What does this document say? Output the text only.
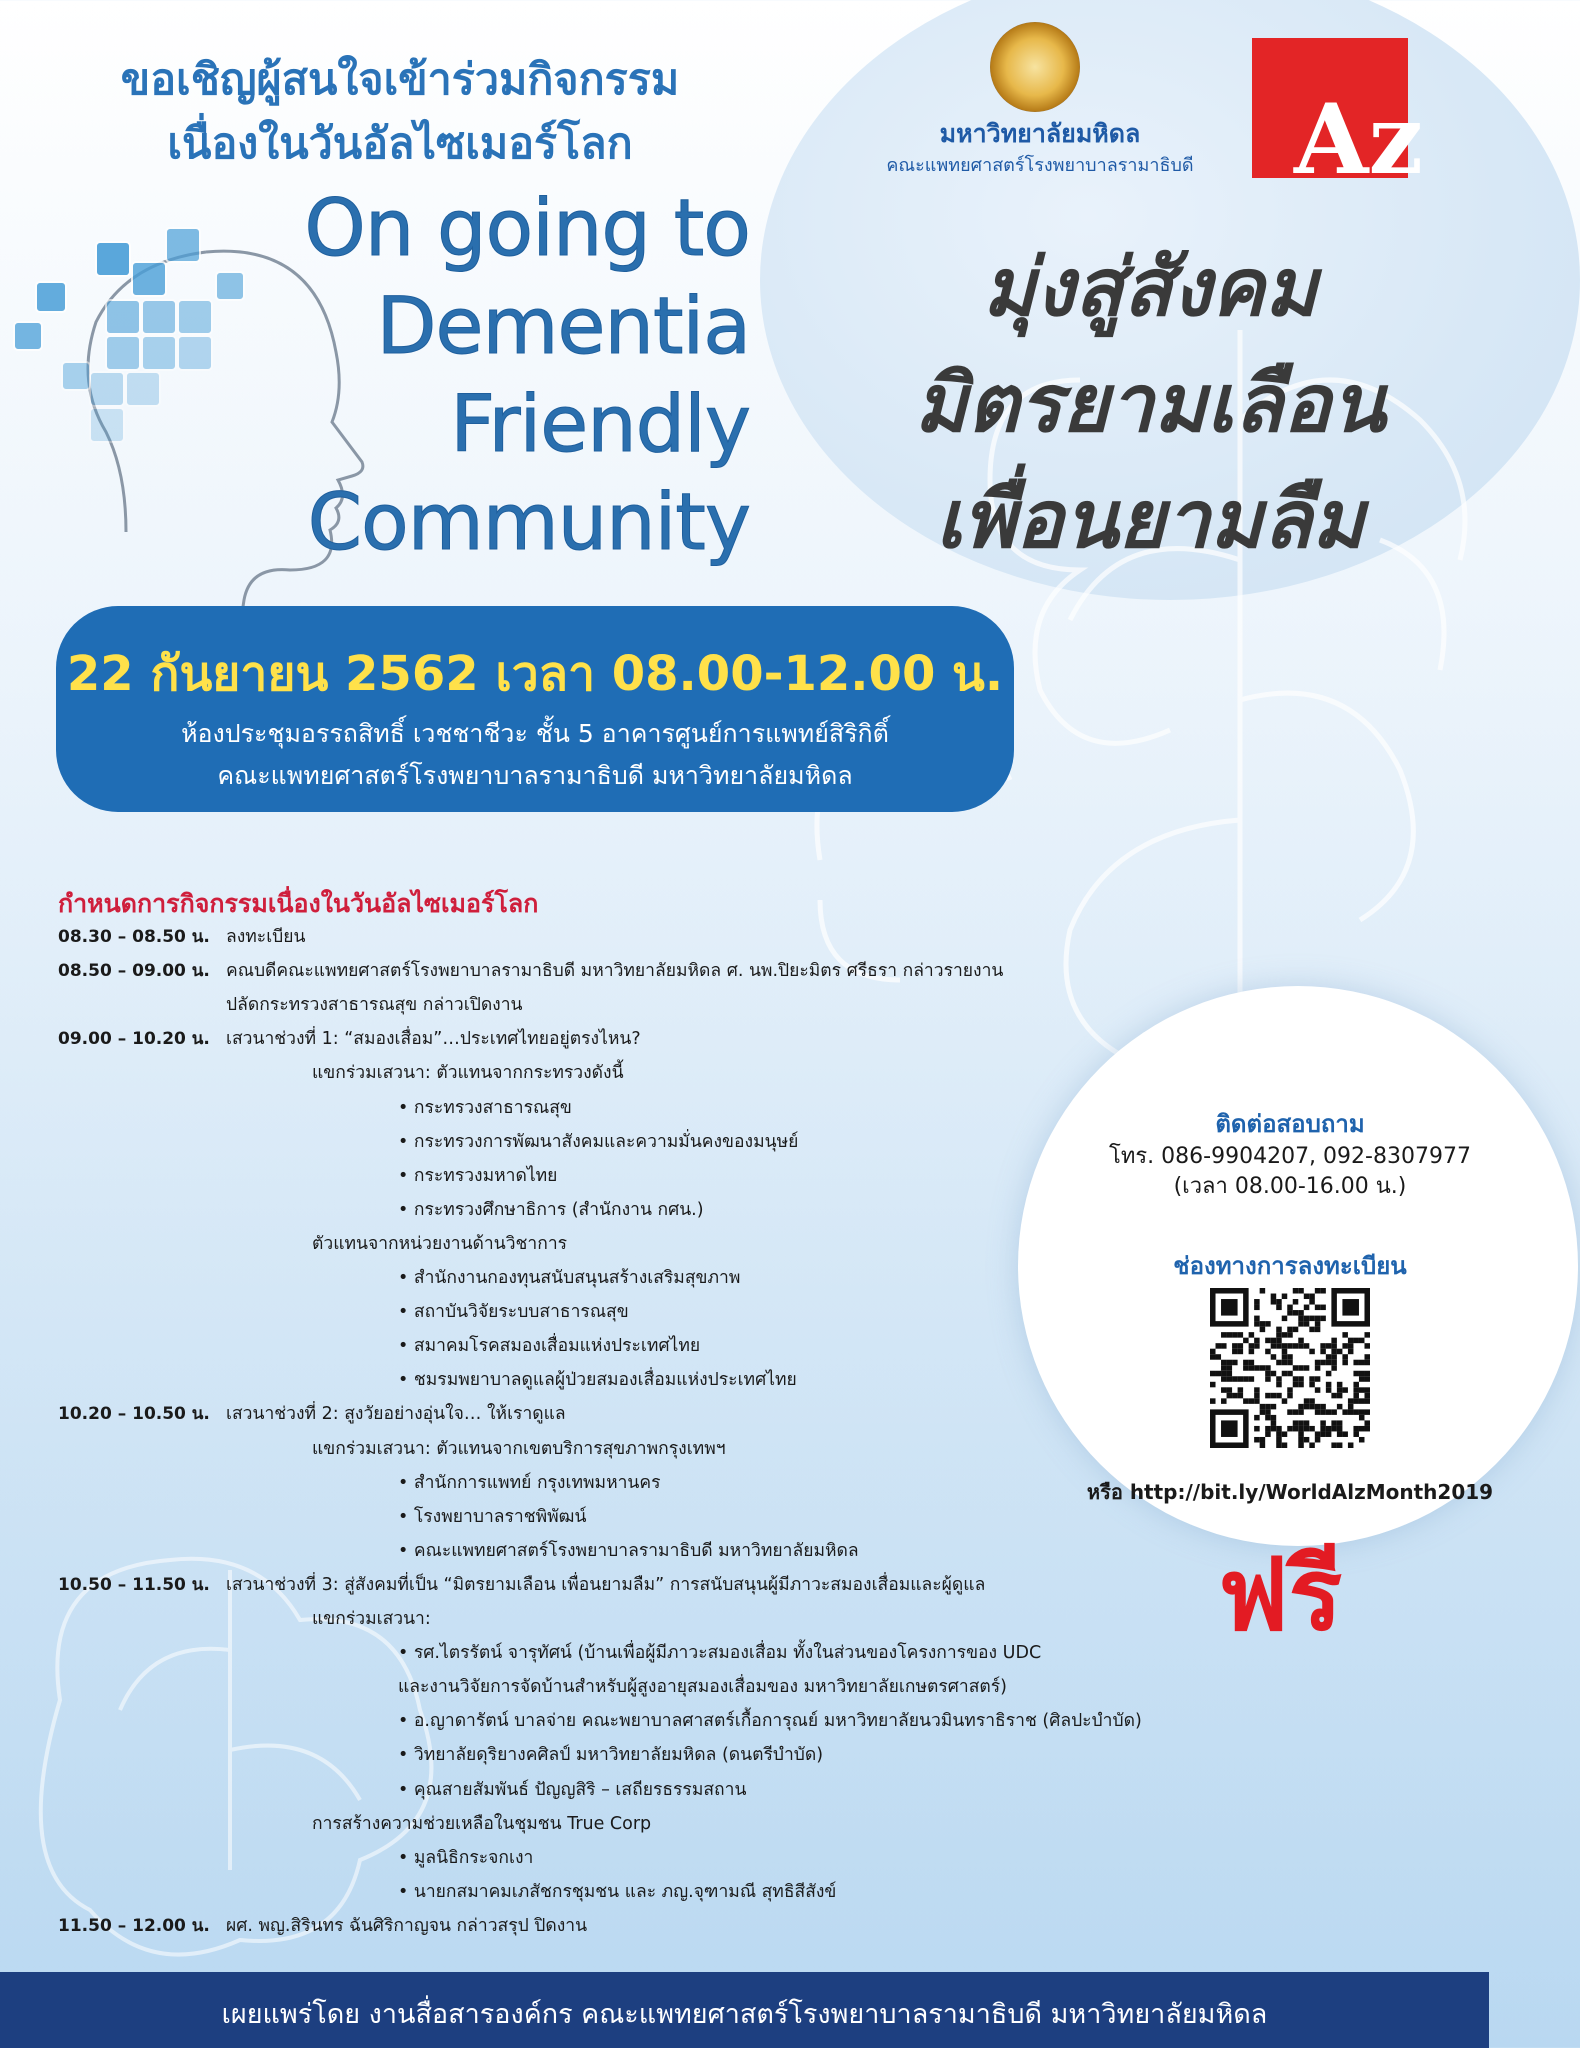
ขอเชิญผู้สนใจเข้าร่วมกิจกรรม
เนื่องในวันอัลไซเมอร์โลก
On going to
Dementia
Friendly
Community
มหาวิทยาลัยมหิดล
คณะแพทยศาสตร์โรงพยาบาลรามาธิบดี	Az
มุ่งสู่สังคม
มิตรยามเลือน
เพื่อนยามลืม
22 กันยายน 2562 เวลา 08.00-12.00 น.
ห้องประชุมอรรถสิทธิ์ เวชชาชีวะ ชั้น 5 อาคารศูนย์การแพทย์สิริกิติ์
คณะแพทยศาสตร์โรงพยาบาลรามาธิบดี มหาวิทยาลัยมหิดล
กำหนดการกิจกรรมเนื่องในวันอัลไซเมอร์โลก
08.30 – 08.50 น. ลงทะเบียน
08.50 – 09.00 น. คณบดีคณะแพทยศาสตร์โรงพยาบาลรามาธิบดี มหาวิทยาลัยมหิดล ศ. นพ.ปิยะมิตร ศรีธรา กล่าวรายงาน
ปลัดกระทรวงสาธารณสุข กล่าวเปิดงาน
09.00 – 10.20 น. เสวนาช่วงที่ 1: “สมองเสื่อม”…ประเทศไทยอยู่ตรงไหน?
แขกร่วมเสวนา: ตัวแทนจากกระทรวงดังนี้
• กระทรวงสาธารณสุข
• กระทรวงการพัฒนาสังคมและความมั่นคงของมนุษย์
• กระทรวงมหาดไทย
• กระทรวงศึกษาธิการ (สำนักงาน กศน.)
ตัวแทนจากหน่วยงานด้านวิชาการ
• สำนักงานกองทุนสนับสนุนสร้างเสริมสุขภาพ
• สถาบันวิจัยระบบสาธารณสุข
• สมาคมโรคสมองเสื่อมแห่งประเทศไทย
• ชมรมพยาบาลดูแลผู้ป่วยสมองเสื่อมแห่งประเทศไทย
10.20 – 10.50 น. เสวนาช่วงที่ 2: สูงวัยอย่างอุ่นใจ… ให้เราดูแล
แขกร่วมเสวนา: ตัวแทนจากเขตบริการสุขภาพกรุงเทพฯ
• สำนักการแพทย์ กรุงเทพมหานคร
• โรงพยาบาลราชพิพัฒน์
• คณะแพทยศาสตร์โรงพยาบาลรามาธิบดี มหาวิทยาลัยมหิดล
10.50 – 11.50 น. เสวนาช่วงที่ 3: สู่สังคมที่เป็น “มิตรยามเลือน เพื่อนยามลืม” การสนับสนุนผู้มีภาวะสมองเสื่อมและผู้ดูแล
แขกร่วมเสวนา:
• รศ.ไตรรัตน์ จารุทัศน์ (บ้านเพื่อผู้มีภาวะสมองเสื่อม ทั้งในส่วนของโครงการของ UDC
และงานวิจัยการจัดบ้านสำหรับผู้สูงอายุสมองเสื่อมของ มหาวิทยาลัยเกษตรศาสตร์)
• อ.ญาดารัตน์ บาลจ่าย คณะพยาบาลศาสตร์เกื้อการุณย์ มหาวิทยาลัยนวมินทราธิราช (ศิลปะบำบัด)
• วิทยาลัยดุริยางคศิลป์ มหาวิทยาลัยมหิดล (ดนตรีบำบัด)
• คุณสายสัมพันธ์ ปัญญสิริ – เสถียรธรรมสถาน
การสร้างความช่วยเหลือในชุมชน True Corp
• มูลนิธิกระจกเงา
• นายกสมาคมเภสัชกรชุมชน และ ภญ.จุฑามณี สุทธิสีสังข์
11.50 – 12.00 น. ผศ. พญ.สิรินทร ฉันศิริกาญจน กล่าวสรุป ปิดงาน
ติดต่อสอบถาม
โทร. 086-9904207, 092-8307977
(เวลา 08.00-16.00 น.)
ช่องทางการลงทะเบียน
หรือ http://bit.ly/WorldAlzMonth2019
ฟรี
เผยแพร่โดย งานสื่อสารองค์กร คณะแพทยศาสตร์โรงพยาบาลรามาธิบดี มหาวิทยาลัยมหิดล
